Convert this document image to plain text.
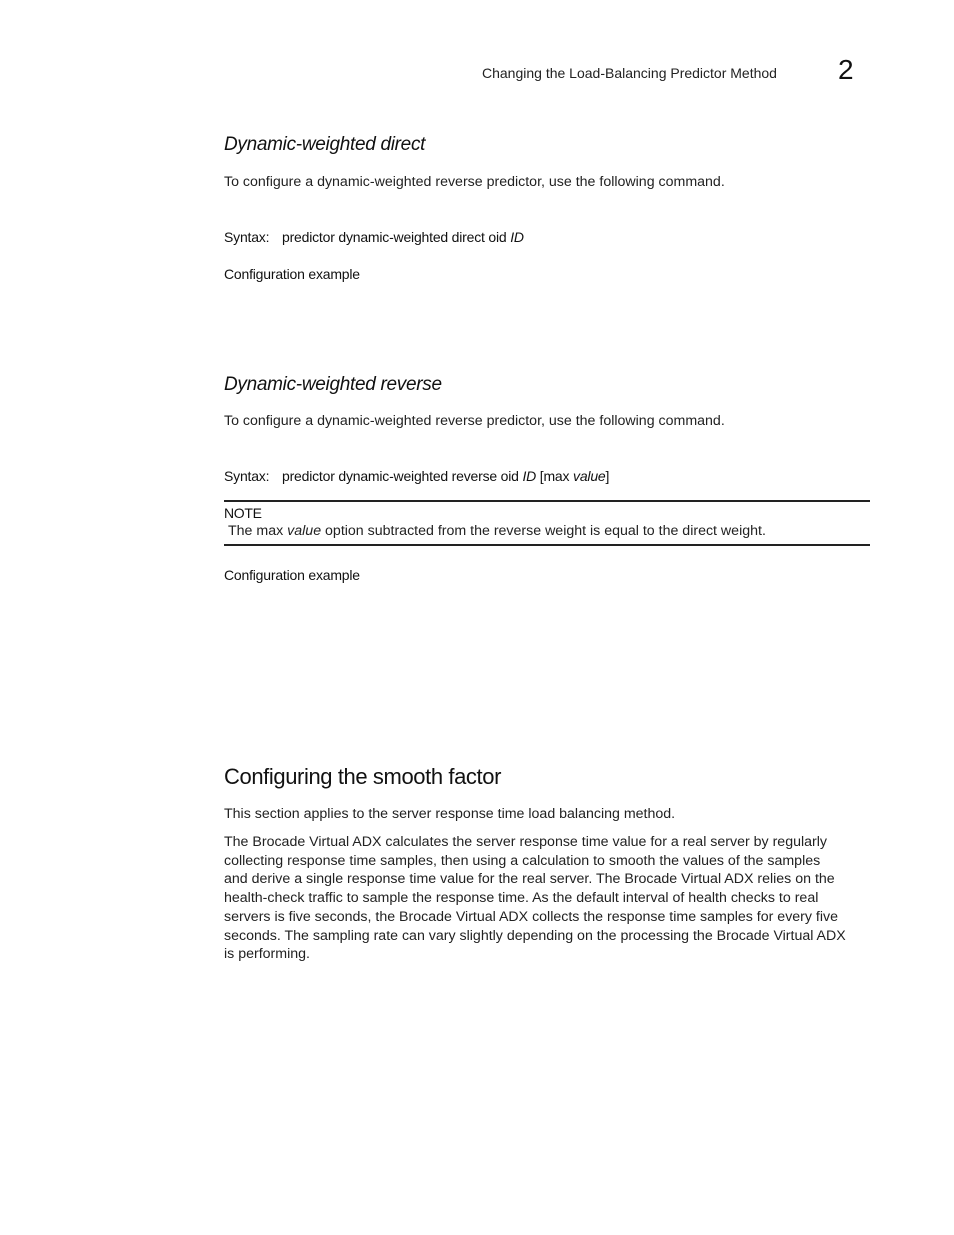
Changing the Load-Balancing Predictor Method 2
Dynamic-weighted direct
To configure a dynamic-weighted reverse predictor, use the following command.
Syntax: predictor dynamic-weighted direct oid ID
Configuration example
Dynamic-weighted reverse
To configure a dynamic-weighted reverse predictor, use the following command.
Syntax: predictor dynamic-weighted reverse oid ID [max value]
NOTE
The max value option subtracted from the reverse weight is equal to the direct weight.
Configuration example
Configuring the smooth factor
This section applies to the server response time load balancing method.
The Brocade Virtual ADX calculates the server response time value for a real server by regularly
collecting response time samples, then using a calculation to smooth the values of the samples
and derive a single response time value for the real server. The Brocade Virtual ADX relies on the
health-check traffic to sample the response time. As the default interval of health checks to real
servers is five seconds, the Brocade Virtual ADX collects the response time samples for every five
seconds. The sampling rate can vary slightly depending on the processing the Brocade Virtual ADX
is performing.
